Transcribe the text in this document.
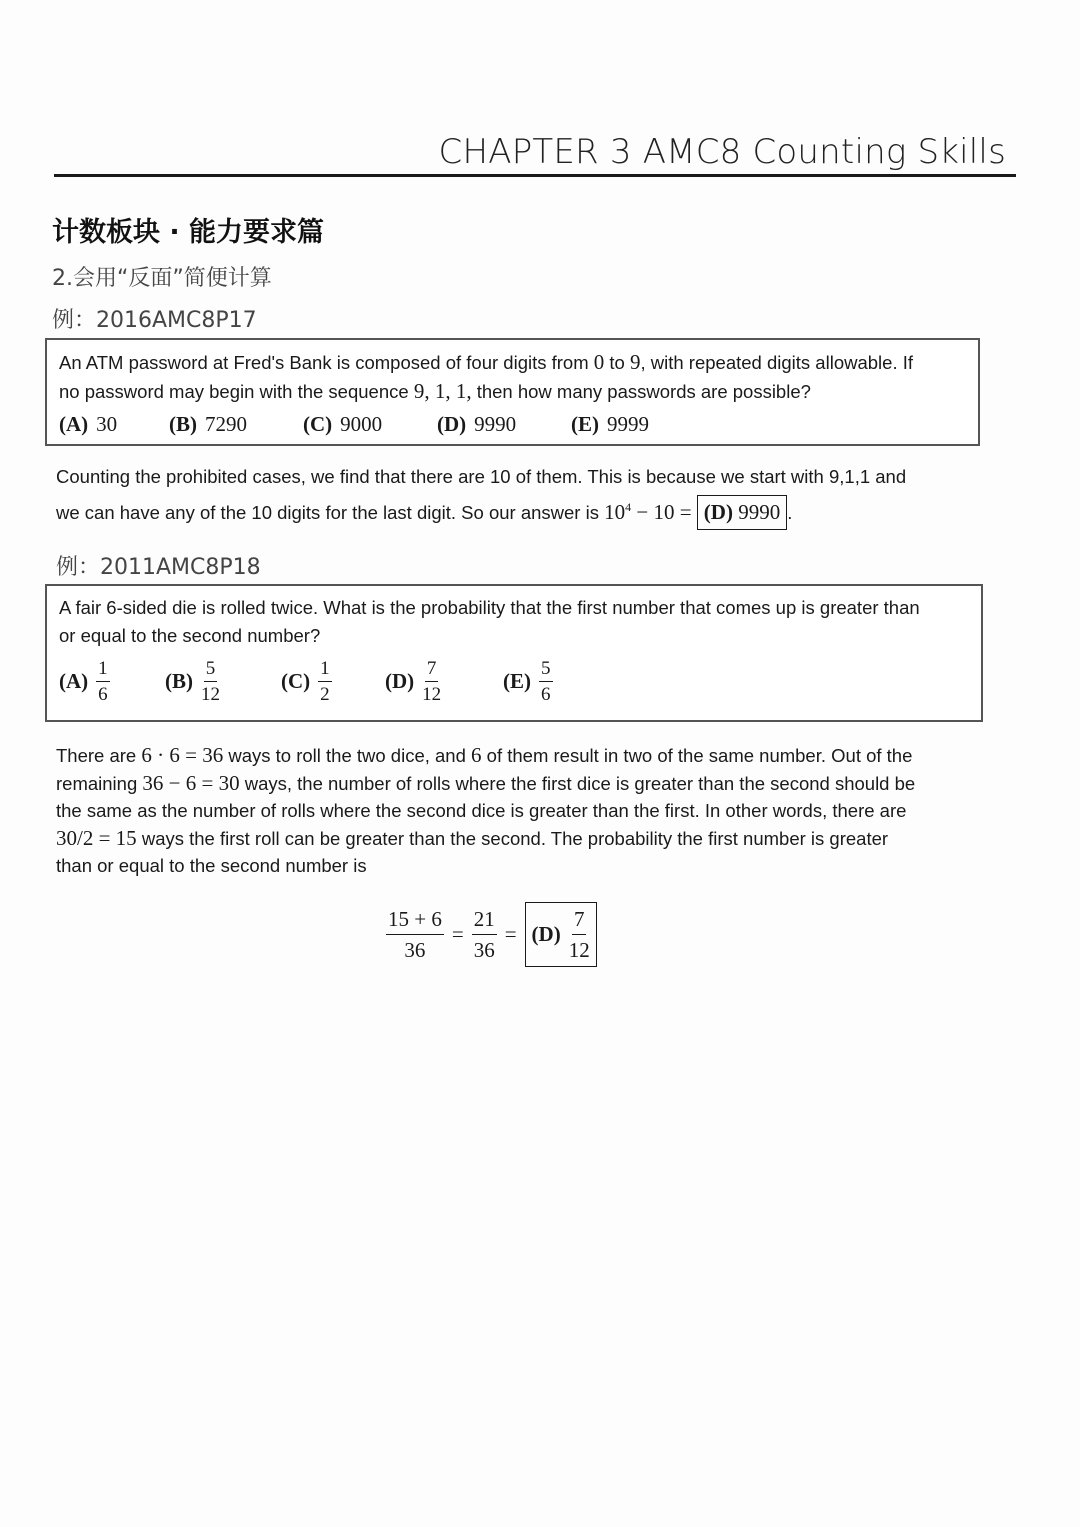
CHAPTER 3 AMC8 Counting Skills
计数板块 · 能力要求篇
2.会用“反面”简便计算
例：2016AMC8P17
An ATM password at Fred's Bank is composed of four digits from 0 to 9, with repeated digits allowable. If
no password may begin with the sequence 9, 1, 1, then how many passwords are possible?
(A) 30 (B) 7290	(C) 9000	(D) 9990	(E) 9999
Counting the prohibited cases, we find that there are 10 of them. This is because we start with 9,1,1 and
we can have any of the 10 digits for the last digit. So our answer is $10^4 - 10 = (D)$ 9990 .
例：2011AMC8P18
A fair 6-sided die is rolled twice. What is the probability that the first number that comes up is greater than
or equal to the second number?
$(A) \frac{1}{6}$	$(B) \frac{5}{12}$	$(C) \frac{1}{2}$	$(D) \frac{7}{12}$	$(E) \frac{5}{6}$
There are 6 · 6 = 36 ways to roll the two dice, and 6 of them result in two of the same number. Out of the
remaining 36 − 6 = 30 ways, the number of rolls where the first dice is greater than the second should be
the same as the number of rolls where the second dice is greater than the first. In other words, there are
30/2 = 15 ways the first roll can be greater than the second. The probability the first number is greater
than or equal to the second number is
$\frac{15 + 6}{36} = \frac{21}{36} = (D) \frac{7}{12}$
